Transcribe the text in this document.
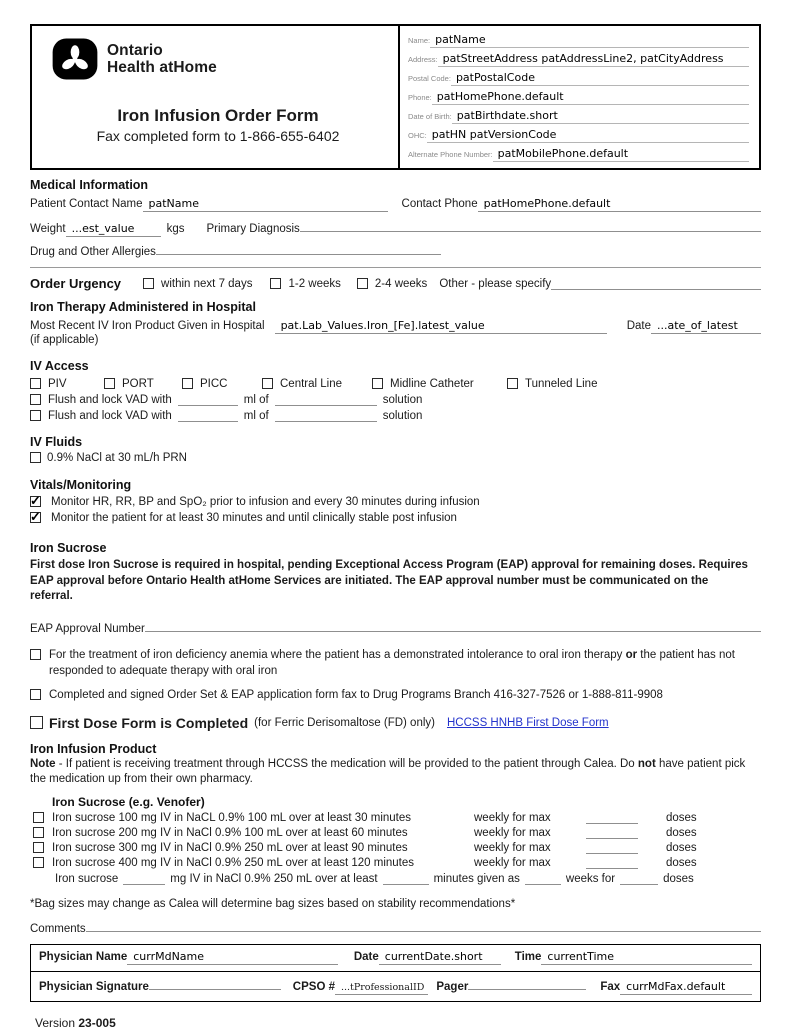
Ontario
Health atHome
Iron Infusion Order Form
Fax completed form to 1-866-655-6402
Name: patName
Address: patStreetAddress patAddressLine2, patCityAddress
Postal Code: patPostalCode
Phone: patHomePhone.default
Date of Birth: patBirthdate.short
OHC: patHN patVersionCode
Alternate Phone Number: patMobilePhone.default
Medical Information
Patient Contact Name patName	Contact Phone patHomePhone.default
Weight ...est_value	kgs Primary Diagnosis
Drug and Other Allergies
Order Urgency	within next 7 days	1-2 weeks	2-4 weeks Other - please specify
Iron Therapy Administered in Hospital
Most Recent IV Iron Product Given in Hospital
(if applicable)
pat.Lab_Values.Iron_[Fe].latest_value	Date ...ate_of_latest
IV Access
PIV	PORT	PICC	Central Line	Midline Catheter	Tunneled Line
Flush and lock VAD with	ml of	solution
Flush and lock VAD with	ml of	solution
IV Fluids
0.9% NaCl at 30 mL/h PRN
Vitals/Monitoring
✓
Monitor HR, RR, BP and SpO₂ prior to infusion and every 30 minutes during infusion
✓
Monitor the patient for at least 30 minutes and until clinically stable post infusion
Iron Sucrose
First dose Iron Sucrose is required in hospital, pending Exceptional Access Program (EAP) approval for remaining doses. Requires EAP approval before Ontario Health atHome Services are initiated. The EAP approval number must be communicated on the referral.
EAP Approval Number
For the treatment of iron deficiency anemia where the patient has a demonstrated intolerance to oral iron therapy or the patient has not responded to adequate therapy with oral iron
Completed and signed Order Set & EAP application form fax to Drug Programs Branch 416-327-7526 or 1-888-811-9908
First Dose Form is Completed (for Ferric Derisomaltose (FD) only) HCCSS HNHB First Dose Form
Iron Infusion Product
Note - If patient is receiving treatment through HCCSS the medication will be provided to the patient through Calea. Do not have patient pick the medication up from their own pharmacy.
Iron Sucrose (e.g. Venofer)
Iron sucrose 100 mg IV in NaCL 0.9% 100 mL over at least 30 minutes	weekly for max	doses
Iron sucrose 200 mg IV in NaCl 0.9% 100 mL over at least 60 minutes	weekly for max	doses
Iron sucrose 300 mg IV in NaCl 0.9% 250 mL over at least 90 minutes	weekly for max	doses
Iron sucrose 400 mg IV in NaCl 0.9% 250 mL over at least 120 minutes	weekly for max	doses
Iron sucrose	mg IV in NaCl 0.9% 250 mL over at least	minutes given as	weeks for	doses
*Bag sizes may change as Calea will determine bag sizes based on stability recommendations*
Comments
Physician Name currMdName	Date currentDate.short	Time currentTime
Physician Signature	CPSO # ...tProfessionalID	Pager	Fax currMdFax.default
Version 23-005
